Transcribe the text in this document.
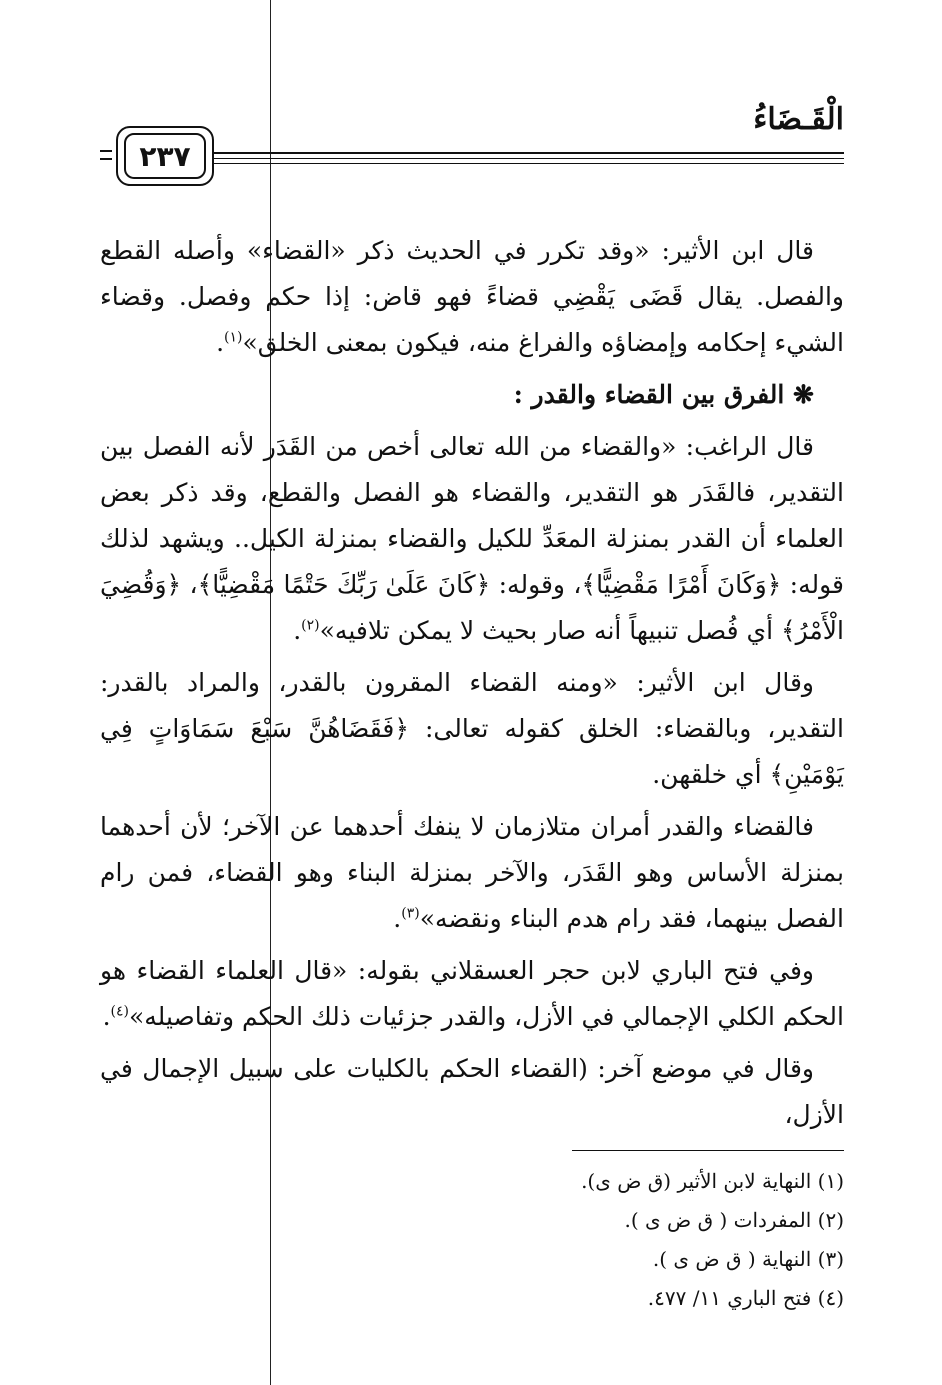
الْقَـضَاءُ
٢٣٧

قال ابن الأثير: «وقد تكرر في الحديث ذكر «القضاء» وأصله القطع والفصل. يقال قَضَى يَقْضِي قضاءً فهو قاض: إذا حكم وفصل. وقضاء الشيء إحكامه وإمضاؤه والفراغ منه، فيكون بمعنى الخلق»$^{(١)}$.

❋ الفرق بين القضاء والقدر :

قال الراغب: «والقضاء من الله تعالى أخص من القَدَر لأنه الفصل بين التقدير، فالقَدَر هو التقدير، والقضاء هو الفصل والقطع، وقد ذكر بعض العلماء أن القدر بمنزلة المعَدِّ للكيل والقضاء بمنزلة الكيل.. ويشهد لذلك قوله: ﴿وَكَانَ أَمْرًا مَقْضِيًّا﴾، وقوله: ﴿كَانَ عَلَىٰ رَبِّكَ حَتْمًا مَقْضِيًّا﴾، ﴿وَقُضِيَ الْأَمْرُ﴾ أي فُصل تنبيهاً أنه صار بحيث لا يمكن تلافيه»$^{(٢)}$.

وقال ابن الأثير: «ومنه القضاء المقرون بالقدر، والمراد بالقدر: التقدير، وبالقضاء: الخلق كقوله تعالى: ﴿فَقَضَاهُنَّ سَبْعَ سَمَاوَاتٍ فِي يَوْمَيْنِ﴾ أي خلقهن.

فالقضاء والقدر أمران متلازمان لا ينفك أحدهما عن الآخر؛ لأن أحدهما بمنزلة الأساس وهو القَدَر، والآخر بمنزلة البناء وهو القضاء، فمن رام الفصل بينهما، فقد رام هدم البناء ونقضه»$^{(٣)}$.

وفي فتح الباري لابن حجر العسقلاني بقوله: «قال العلماء القضاء هو الحكم الكلي الإجمالي في الأزل، والقدر جزئيات ذلك الحكم وتفاصيله»$^{(٤)}$.

وقال في موضع آخر: (القضاء الحكم بالكليات على سبيل الإجمال في الأزل،

(١) النهاية لابن الأثير (ق ض ى).
(٢) المفردات ( ق ض ى ).
(٣) النهاية ( ق ض ى ).
(٤) فتح الباري ١١/ ٤٧٧.
